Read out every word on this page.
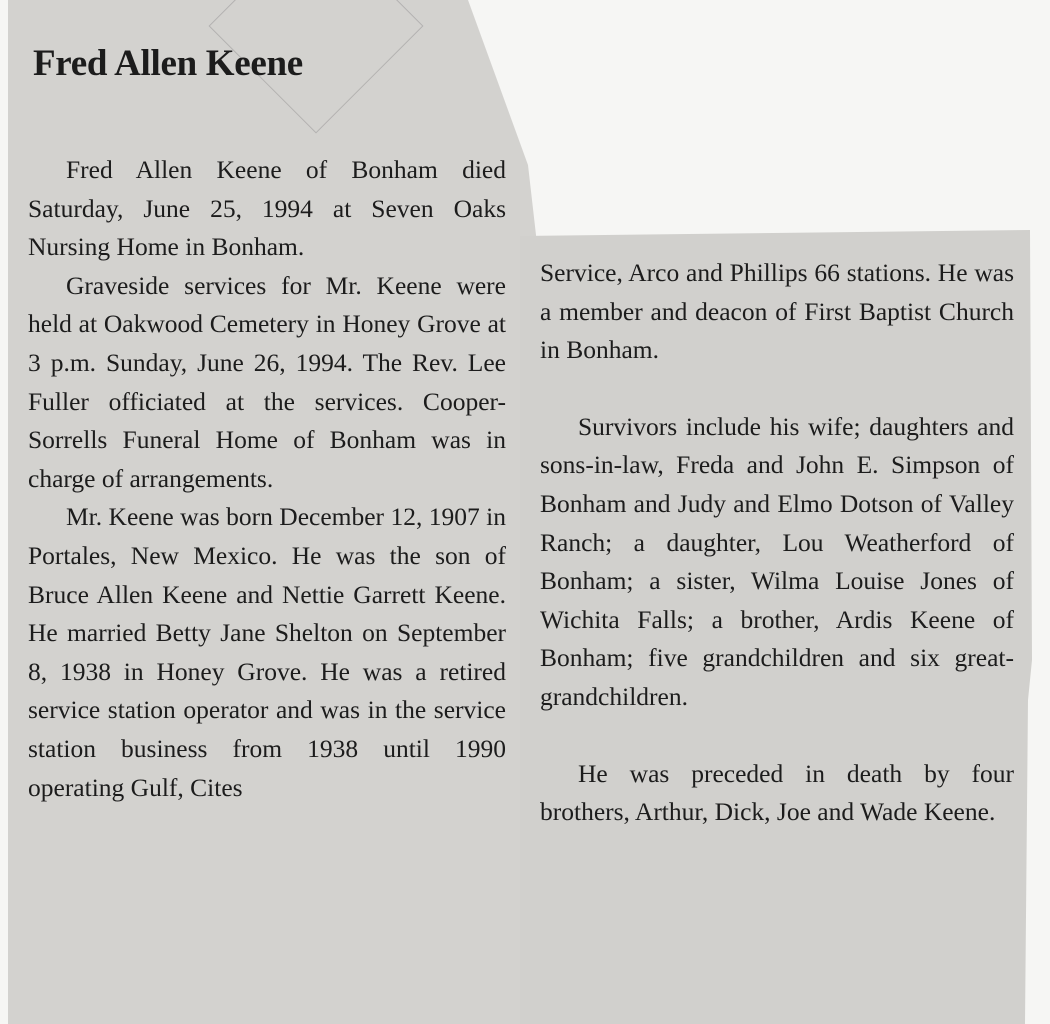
Fred Allen Keene

Fred Allen Keene of Bonham died Saturday, June 25, 1994 at Seven Oaks Nursing Home in Bonham.

Graveside services for Mr. Keene were held at Oakwood Cemetery in Honey Grove at 3 p.m. Sunday, June 26, 1994. The Rev. Lee Fuller officiated at the services. Cooper-Sorrells Funeral Home of Bonham was in charge of arrangements.

Mr. Keene was born December 12, 1907 in Portales, New Mexico. He was the son of Bruce Allen Keene and Nettie Garrett Keene. He married Betty Jane Shelton on September 8, 1938 in Honey Grove. He was a retired service station operator and was in the service station business from 1938 until 1990 operating Gulf, Cites

Service, Arco and Phillips 66 stations. He was a member and deacon of First Baptist Church in Bonham.

Survivors include his wife; daughters and sons-in-law, Freda and John E. Simpson of Bonham and Judy and Elmo Dotson of Valley Ranch; a daughter, Lou Weatherford of Bonham; a sister, Wilma Louise Jones of Wichita Falls; a brother, Ardis Keene of Bonham; five grandchildren and six great-grandchildren.

He was preceded in death by four brothers, Arthur, Dick, Joe and Wade Keene.
